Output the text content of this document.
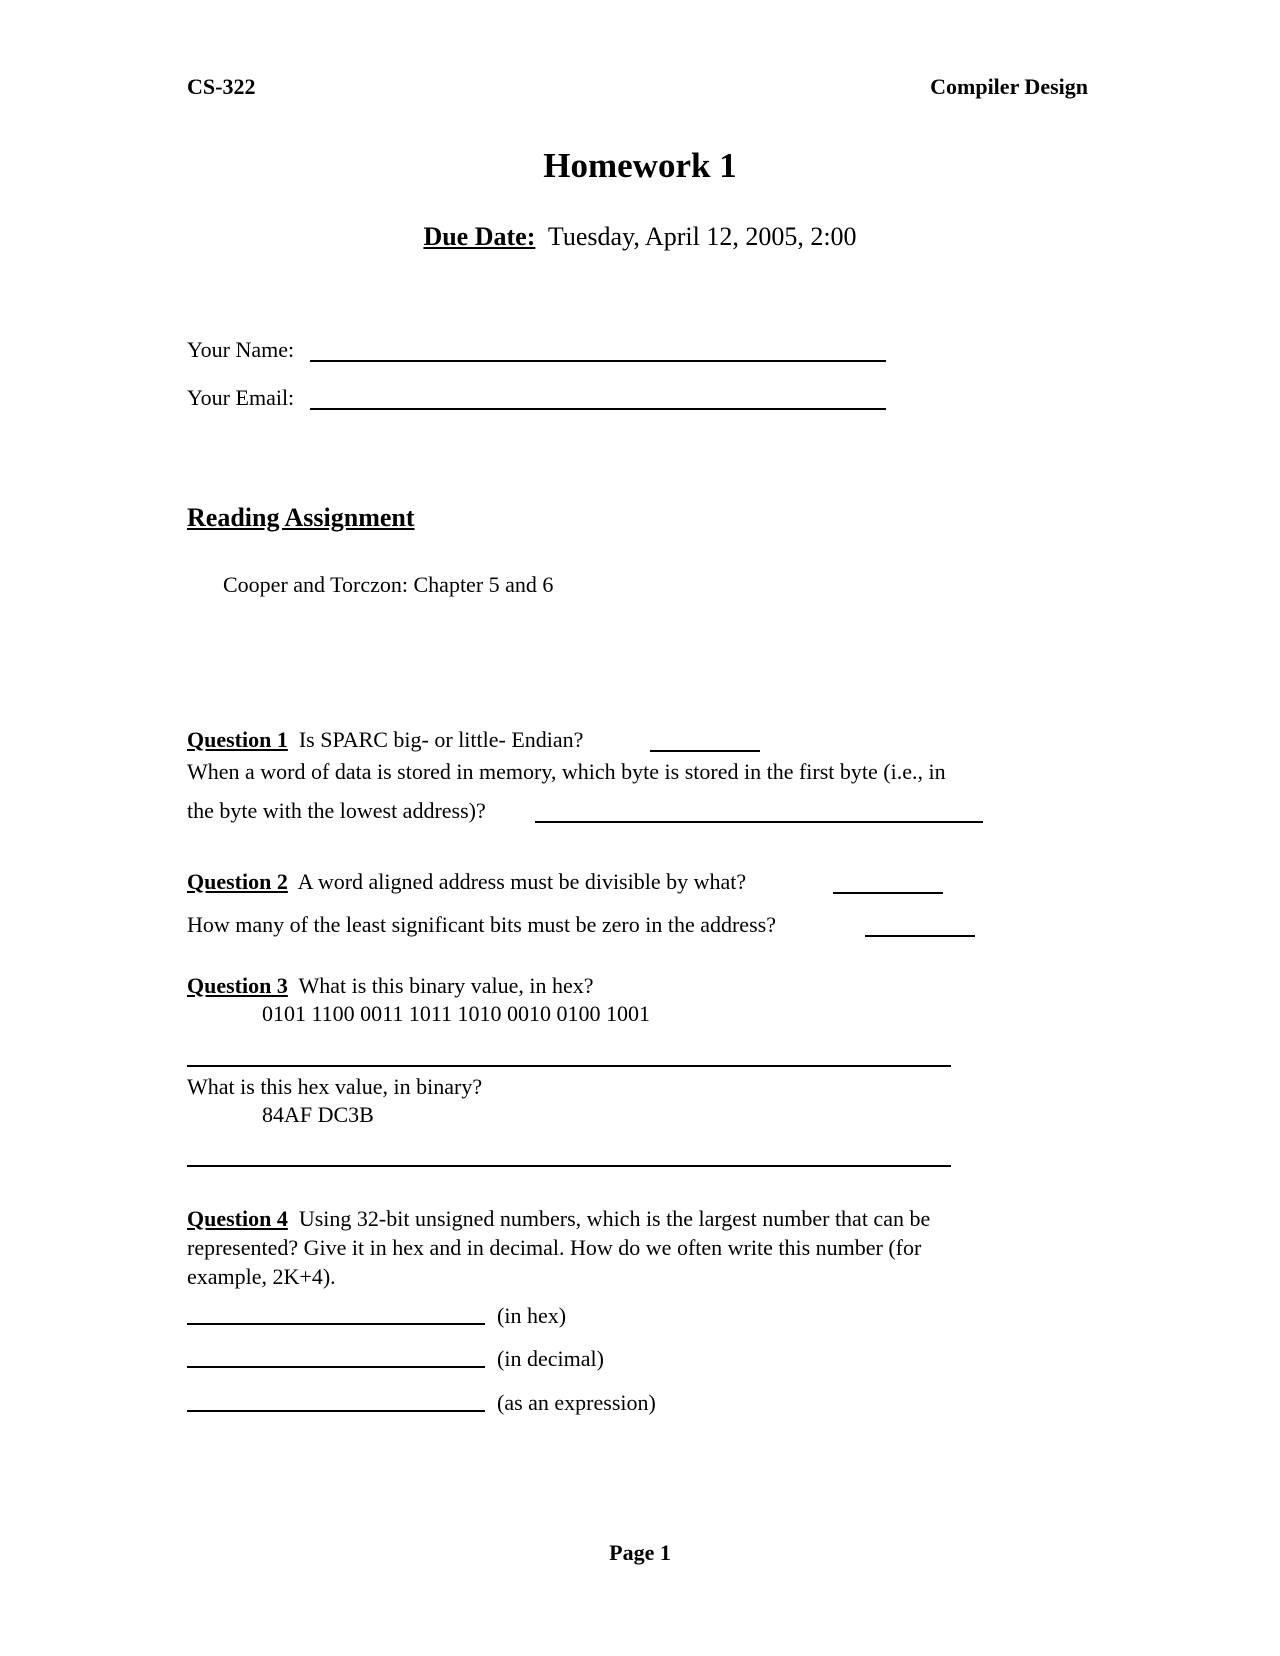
CS-322	Compiler Design
Homework 1
Due Date: Tuesday, April 12, 2005, 2:00
Your Name:
Your Email:
Reading Assignment
Cooper and Torczon: Chapter 5 and 6
Question 1 Is SPARC big- or little- Endian?
When a word of data is stored in memory, which byte is stored in the first byte (i.e., in
the byte with the lowest address)?
Question 2 A word aligned address must be divisible by what?
How many of the least significant bits must be zero in the address?
Question 3 What is this binary value, in hex?
0101 1100 0011 1011 1010 0010 0100 1001
What is this hex value, in binary?
84AF DC3B
Question 4 Using 32-bit unsigned numbers, which is the largest number that can be
represented? Give it in hex and in decimal. How do we often write this number (for
example, 2K+4).
(in hex)
(in decimal)
(as an expression)
Page 1
